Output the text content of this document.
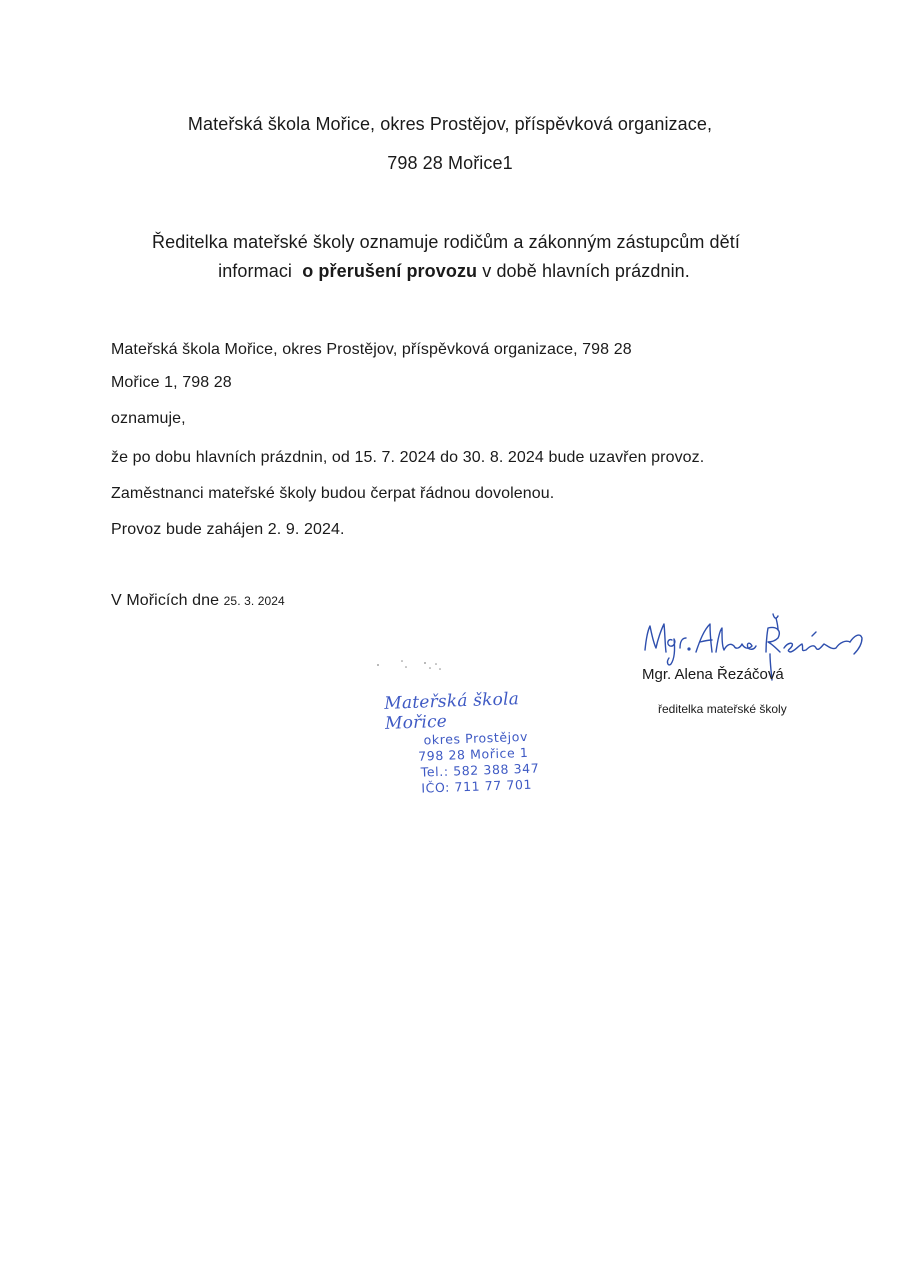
Mateřská škola Mořice, okres Prostějov, příspěvková organizace,
798 28 Mořice1
Ředitelka mateřské školy oznamuje rodičům a zákonným zástupcům dětí
informaci  o přerušení provozu v době hlavních prázdnin.
Mateřská škola Mořice, okres Prostějov, příspěvková organizace, 798 28
Mořice 1, 798 28
oznamuje,
že po dobu hlavních prázdnin, od 15. 7. 2024 do 30. 8. 2024 bude uzavřen provoz.
Zaměstnanci mateřské školy budou čerpat řádnou dovolenou.
Provoz bude zahájen 2. 9. 2024.
V Mořicích dne 25. 3. 2024
Mateřská škola Mořice
okres Prostějov
798 28 Mořice 1
Tel.: 582 388 347
IČO: 711 77 701
Mgr. Alena Řezáčová
ředitelka mateřské školy
